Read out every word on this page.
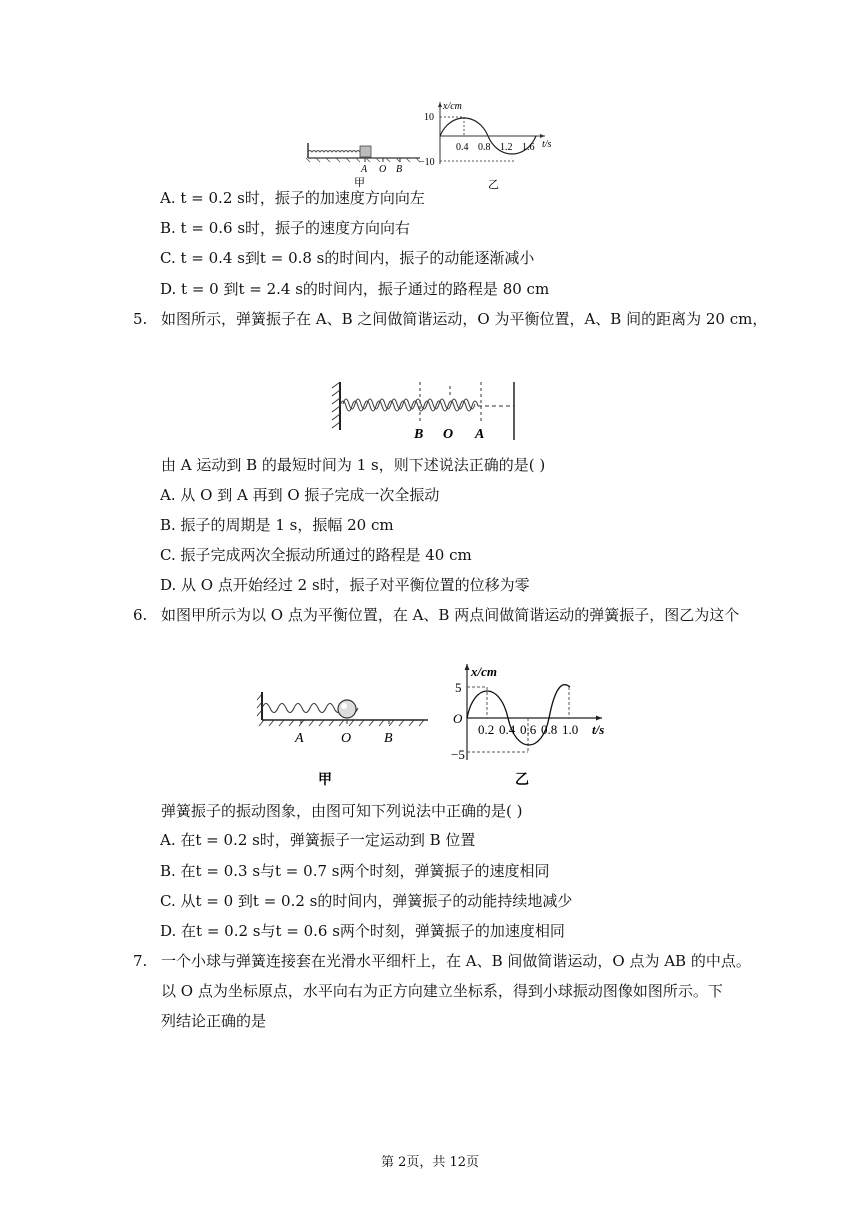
A O B
甲
x/cm
t/s
10
−10
0.4 0.8 1.2 1.6
乙
A. t = 0.2 s时，振子的加速度方向向左
B. t = 0.6 s时，振子的速度方向向右
C. t = 0.4 s到t = 0.8 s的时间内，振子的动能逐渐减小
D. t = 0 到t = 2.4 s的时间内，振子通过的路程是 80 cm
5. 如图所示，弹簧振子在 A、B 之间做简谐运动，O 为平衡位置，A、B 间的距离为 20 cm，
B O A
由 A 运动到 B 的最短时间为 1 s，则下述说法正确的是( )
A. 从 O 到 A 再到 O 振子完成一次全振动
B. 振子的周期是 1 s，振幅 20 cm
C. 振子完成两次全振动所通过的路程是 40 cm
D. 从 O 点开始经过 2 s时，振子对平衡位置的位移为零
6. 如图甲所示为以 O 点为平衡位置，在 A、B 两点间做简谐运动的弹簧振子，图乙为这个
A	O B
甲
x/cm
t/s
O
5
−5
0.2 0.4 0.6 0.8 1.0
乙
弹簧振子的振动图象，由图可知下列说法中正确的是( )
A. 在t = 0.2 s时，弹簧振子一定运动到 B 位置
B. 在t = 0.3 s与t = 0.7 s两个时刻，弹簧振子的速度相同
C. 从t = 0 到t = 0.2 s的时间内，弹簧振子的动能持续地减少
D. 在t = 0.2 s与t = 0.6 s两个时刻，弹簧振子的加速度相同
7. 一个小球与弹簧连接套在光滑水平细杆上，在 A、B 间做简谐运动，O 点为 AB 的中点。
以 O 点为坐标原点，水平向右为正方向建立坐标系，得到小球振动图像如图所示。下
列结论正确的是
第 2页，共 12页
